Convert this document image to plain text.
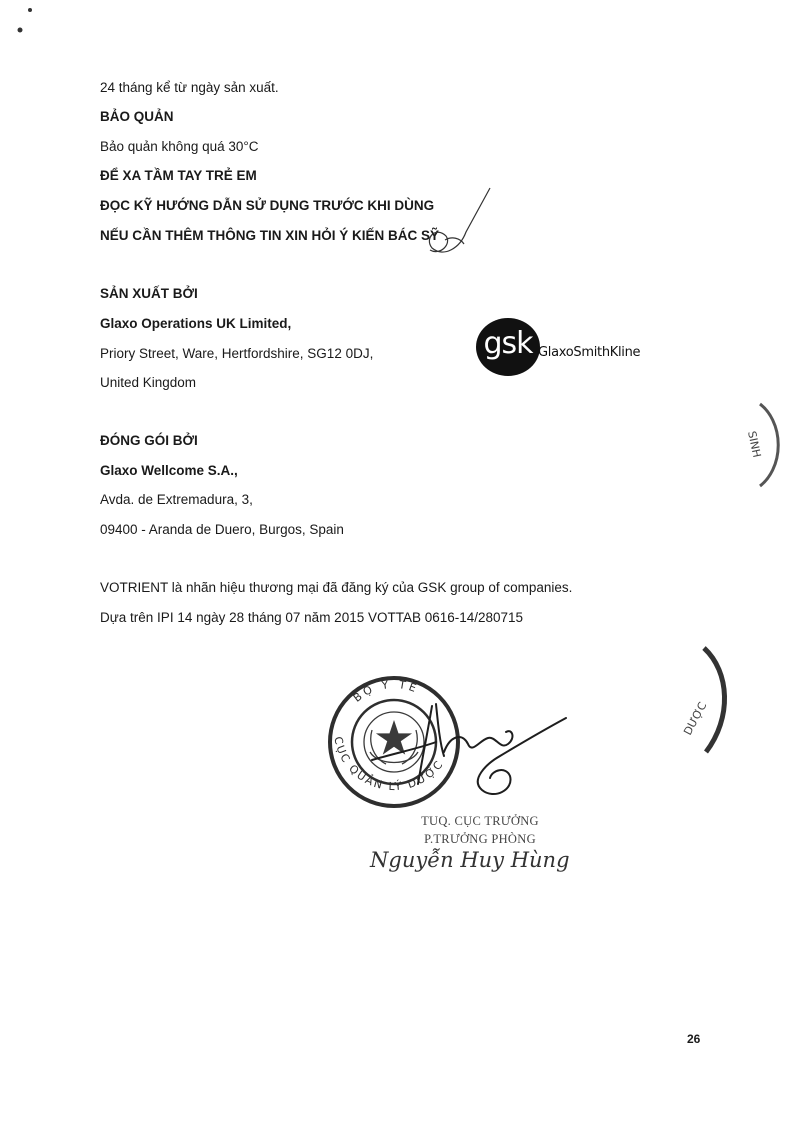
24 tháng kể từ ngày sản xuất.
BẢO QUẢN
Bảo quản không quá 30°C
ĐỂ XA TẦM TAY TRẺ EM
ĐỌC KỸ HƯỚNG DẪN SỬ DỤNG TRƯỚC KHI DÙNG
NẾU CẦN THÊM THÔNG TIN XIN HỎI Ý KIẾN BÁC SỸ
SẢN XUẤT BỞI
Glaxo Operations UK Limited,
Priory Street, Ware, Hertfordshire, SG12 0DJ,
United Kingdom
ĐÓNG GÓI BỞI
Glaxo Wellcome S.A.,
Avda. de Extremadura, 3,
09400 - Aranda de Duero, Burgos, Spain
VOTRIENT là nhãn hiệu thương mại đã đăng ký của GSK group of companies.
Dựa trên IPI 14 ngày 28 tháng 07 năm 2015 VOTTAB 0616-14/280715
gsk GlaxoSmithKline
SINH
DƯỢC
BỘ Y TẾ
CỤC QUẢN LÝ DƯỢC
TUQ. CỤC TRƯỞNG
P.TRƯỞNG PHÒNG
Nguyễn Huy Hùng
26
